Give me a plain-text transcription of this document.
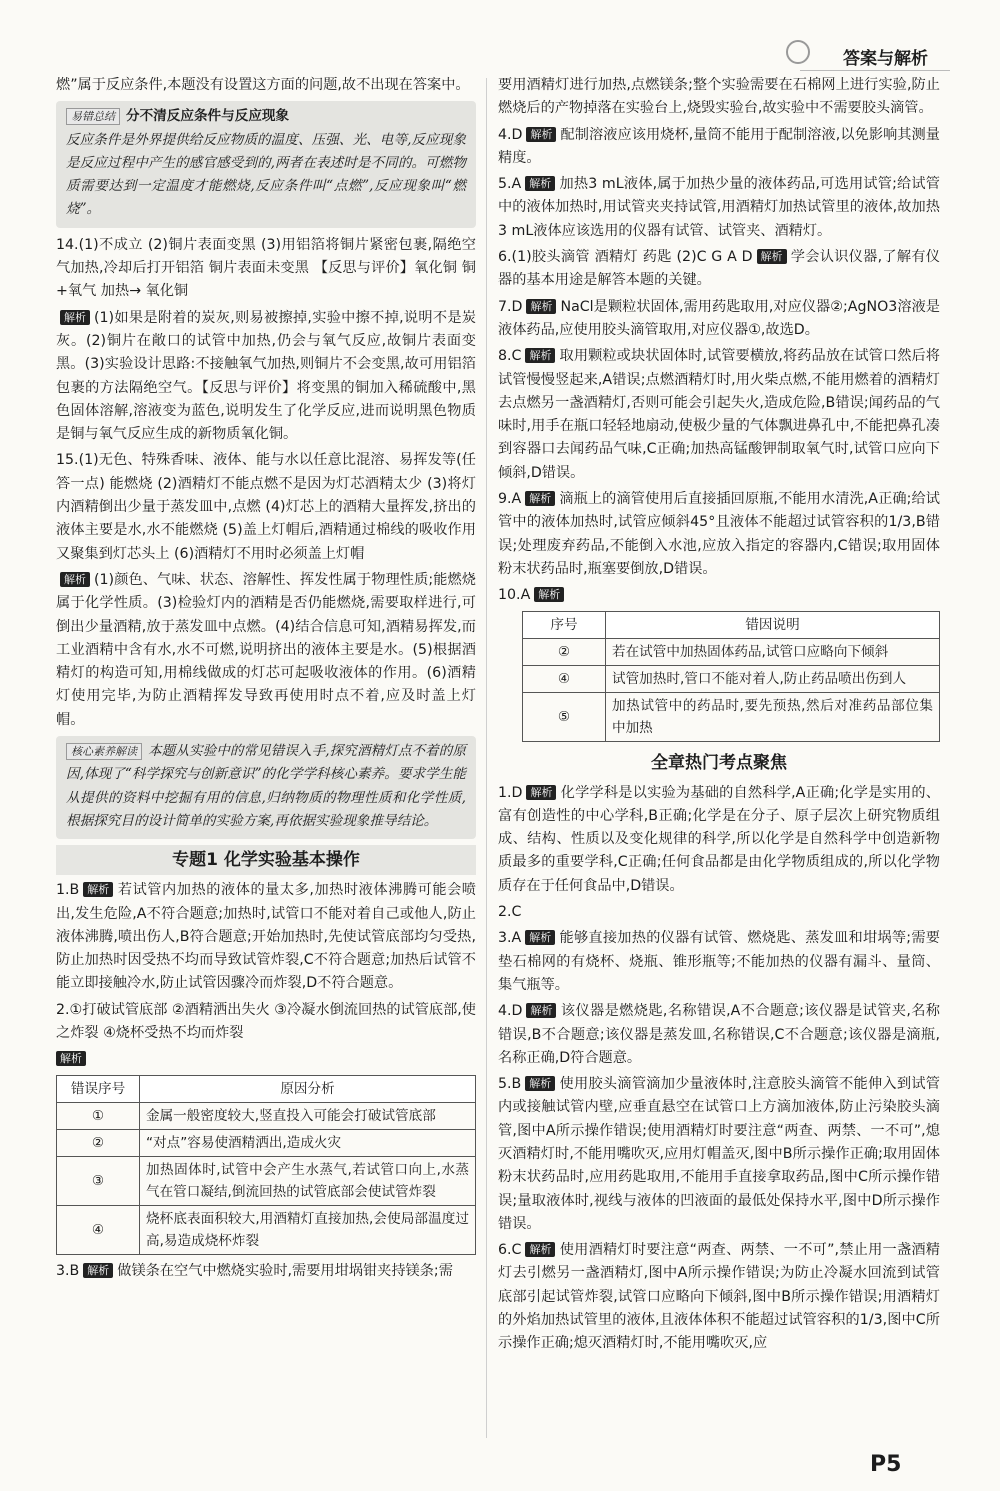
答案与解析

燃”属于反应条件,本题没有设置这方面的问题,故不出现在答案中。

易错总结 分不清反应条件与反应现象

反应条件是外界提供给反应物质的温度、压强、光、电等,反应现象是反应过程中产生的感官感受到的,两者在表述时是不同的。可燃物质需要达到一定温度才能燃烧,反应条件叫“点燃”,反应现象叫“燃烧”。

14.(1)不成立 (2)铜片表面变黑 (3)用铝箔将铜片紧密包裹,隔绝空气加热,冷却后打开铝箔 铜片表面未变黑 【反思与评价】氧化铜 铜+氧气 加热→ 氧化铜

解析 (1)如果是附着的炭灰,则易被擦掉,实验中擦不掉,说明不是炭灰。(2)铜片在敞口的试管中加热,仍会与氧气反应,故铜片表面变黑。(3)实验设计思路:不接触氧气加热,则铜片不会变黑,故可用铝箔包裹的方法隔绝空气。【反思与评价】将变黑的铜加入稀硫酸中,黑色固体溶解,溶液变为蓝色,说明发生了化学反应,进而说明黑色物质是铜与氧气反应生成的新物质氧化铜。

15.(1)无色、特殊香味、液体、能与水以任意比混溶、易挥发等(任答一点) 能燃烧 (2)酒精灯不能点燃不是因为灯芯酒精太少 (3)将灯内酒精倒出少量于蒸发皿中,点燃 (4)灯芯上的酒精大量挥发,挤出的液体主要是水,水不能燃烧 (5)盖上灯帽后,酒精通过棉线的吸收作用又聚集到灯芯头上 (6)酒精灯不用时必须盖上灯帽

解析 (1)颜色、气味、状态、溶解性、挥发性属于物理性质;能燃烧属于化学性质。(3)检验灯内的酒精是否仍能燃烧,需要取样进行,可倒出少量酒精,放于蒸发皿中点燃。(4)结合信息可知,酒精易挥发,而工业酒精中含有水,水不可燃,说明挤出的液体主要是水。(5)根据酒精灯的构造可知,用棉线做成的灯芯可起吸收液体的作用。(6)酒精灯使用完毕,为防止酒精挥发导致再使用时点不着,应及时盖上灯帽。

核心素养解读 本题从实验中的常见错误入手,探究酒精灯点不着的原因,体现了“科学探究与创新意识”的化学学科核心素养。要求学生能从提供的资料中挖掘有用的信息,归纳物质的物理性质和化学性质,根据探究目的设计简单的实验方案,再依据实验现象推导结论。

专题1 化学实验基本操作

1.B 解析 若试管内加热的液体的量太多,加热时液体沸腾可能会喷出,发生危险,A不符合题意;加热时,试管口不能对着自己或他人,防止液体沸腾,喷出伤人,B符合题意;开始加热时,先使试管底部均匀受热,防止加热时因受热不均而导致试管炸裂,C不符合题意;加热后试管不能立即接触冷水,防止试管因骤冷而炸裂,D不符合题意。

2.①打破试管底部 ②酒精洒出失火 ③冷凝水倒流回热的试管底部,使之炸裂 ④烧杯受热不均而炸裂

解析

错误序号	原因分析
①	金属一般密度较大,竖直投入可能会打破试管底部
②	“对点”容易使酒精洒出,造成火灾
③	加热固体时,试管中会产生水蒸气,若试管口向上,水蒸气在管口凝结,倒流回热的试管底部会使试管炸裂
④	烧杯底表面积较大,用酒精灯直接加热,会使局部温度过高,易造成烧杯炸裂

3.B 解析 做镁条在空气中燃烧实验时,需要用坩埚钳夹持镁条;需

要用酒精灯进行加热,点燃镁条;整个实验需要在石棉网上进行实验,防止燃烧后的产物掉落在实验台上,烧毁实验台,故实验中不需要胶头滴管。

4.D 解析 配制溶液应该用烧杯,量筒不能用于配制溶液,以免影响其测量精度。

5.A 解析 加热3 mL液体,属于加热少量的液体药品,可选用试管;给试管中的液体加热时,用试管夹夹持试管,用酒精灯加热试管里的液体,故加热3 mL液体应该选用的仪器有试管、试管夹、酒精灯。

6.(1)胶头滴管 酒精灯 药匙 (2)C G A D 解析 学会认识仪器,了解有仪器的基本用途是解答本题的关键。

7.D 解析 NaCl是颗粒状固体,需用药匙取用,对应仪器②;AgNO3溶液是液体药品,应使用胶头滴管取用,对应仪器①,故选D。

8.C 解析 取用颗粒或块状固体时,试管要横放,将药品放在试管口然后将试管慢慢竖起来,A错误;点燃酒精灯时,用火柴点燃,不能用燃着的酒精灯去点燃另一盏酒精灯,否则可能会引起失火,造成危险,B错误;闻药品的气味时,用手在瓶口轻轻地扇动,使极少量的气体飘进鼻孔中,不能把鼻孔凑到容器口去闻药品气味,C正确;加热高锰酸钾制取氧气时,试管口应向下倾斜,D错误。

9.A 解析 滴瓶上的滴管使用后直接插回原瓶,不能用水清洗,A正确;给试管中的液体加热时,试管应倾斜45°且液体不能超过试管容积的1/3,B错误;处理废弃药品,不能倒入水池,应放入指定的容器内,C错误;取用固体粉末状药品时,瓶塞要倒放,D错误。

10.A 解析

序号	错因说明
②	若在试管中加热固体药品,试管口应略向下倾斜
④	试管加热时,管口不能对着人,防止药品喷出伤到人
⑤	加热试管中的药品时,要先预热,然后对准药品部位集中加热
全章热门考点聚焦

1.D 解析 化学学科是以实验为基础的自然科学,A正确;化学是实用的、富有创造性的中心学科,B正确;化学是在分子、原子层次上研究物质组成、结构、性质以及变化规律的科学,所以化学是自然科学中创造新物质最多的重要学科,C正确;任何食品都是由化学物质组成的,所以化学物质存在于任何食品中,D错误。

2.C

3.A 解析 能够直接加热的仪器有试管、燃烧匙、蒸发皿和坩埚等;需要垫石棉网的有烧杯、烧瓶、锥形瓶等;不能加热的仪器有漏斗、量筒、集气瓶等。

4.D 解析 该仪器是燃烧匙,名称错误,A不合题意;该仪器是试管夹,名称错误,B不合题意;该仪器是蒸发皿,名称错误,C不合题意;该仪器是滴瓶,名称正确,D符合题意。

5.B 解析 使用胶头滴管滴加少量液体时,注意胶头滴管不能伸入到试管内或接触试管内壁,应垂直悬空在试管口上方滴加液体,防止污染胶头滴管,图中A所示操作错误;使用酒精灯时要注意“两查、两禁、一不可”,熄灭酒精灯时,不能用嘴吹灭,应用灯帽盖灭,图中B所示操作正确;取用固体粉末状药品时,应用药匙取用,不能用手直接拿取药品,图中C所示操作错误;量取液体时,视线与液体的凹液面的最低处保持水平,图中D所示操作错误。

6.C 解析 使用酒精灯时要注意“两查、两禁、一不可”,禁止用一盏酒精灯去引燃另一盏酒精灯,图中A所示操作错误;为防止冷凝水回流到试管底部引起试管炸裂,试管口应略向下倾斜,图中B所示操作错误;用酒精灯的外焰加热试管里的液体,且液体体积不能超过试管容积的1/3,图中C所示操作正确;熄灭酒精灯时,不能用嘴吹灭,应

P5
